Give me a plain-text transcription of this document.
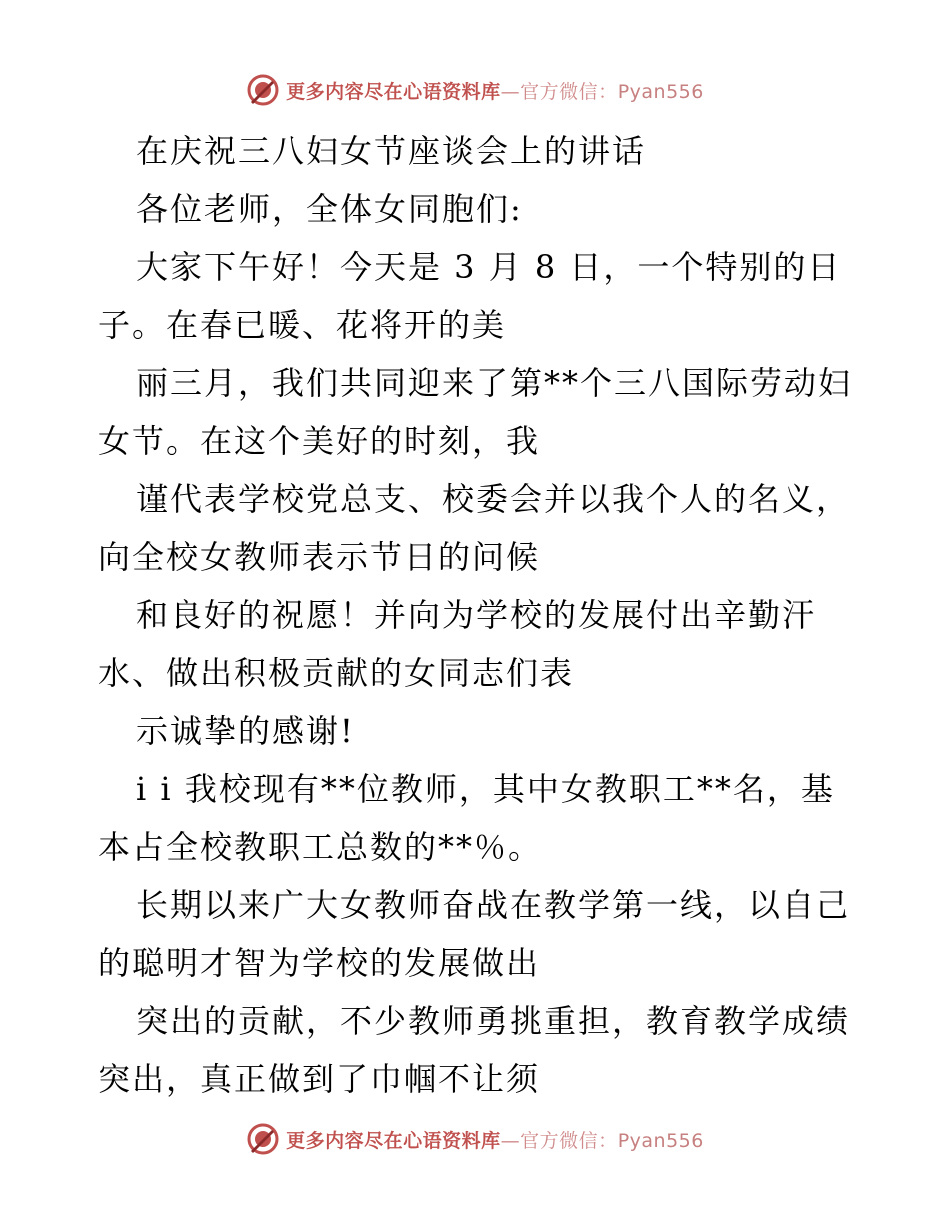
更多内容尽在心语资料库—官方微信：Pyan556

在庆祝三八妇女节座谈会上的讲话

各位老师，全体女同胞们:

大家下午好！今天是 3 月 8 日，一个特别的日子。在春已暖、花将开的美

丽三月，我们共同迎来了第**个三八国际劳动妇女节。在这个美好的时刻，我

谨代表学校党总支、校委会并以我个人的名义，向全校女教师表示节日的问候

和良好的祝愿！并向为学校的发展付出辛勤汗水、做出积极贡献的女同志们表

示诚挚的感谢!

i i 我校现有**位教师，其中女教职工**名，基本占全校教职工总数的**％。

长期以来广大女教师奋战在教学第一线，以自己的聪明才智为学校的发展做出

突出的贡献，不少教师勇挑重担，教育教学成绩突出，真正做到了巾帼不让须

更多内容尽在心语资料库—官方微信：Pyan556
